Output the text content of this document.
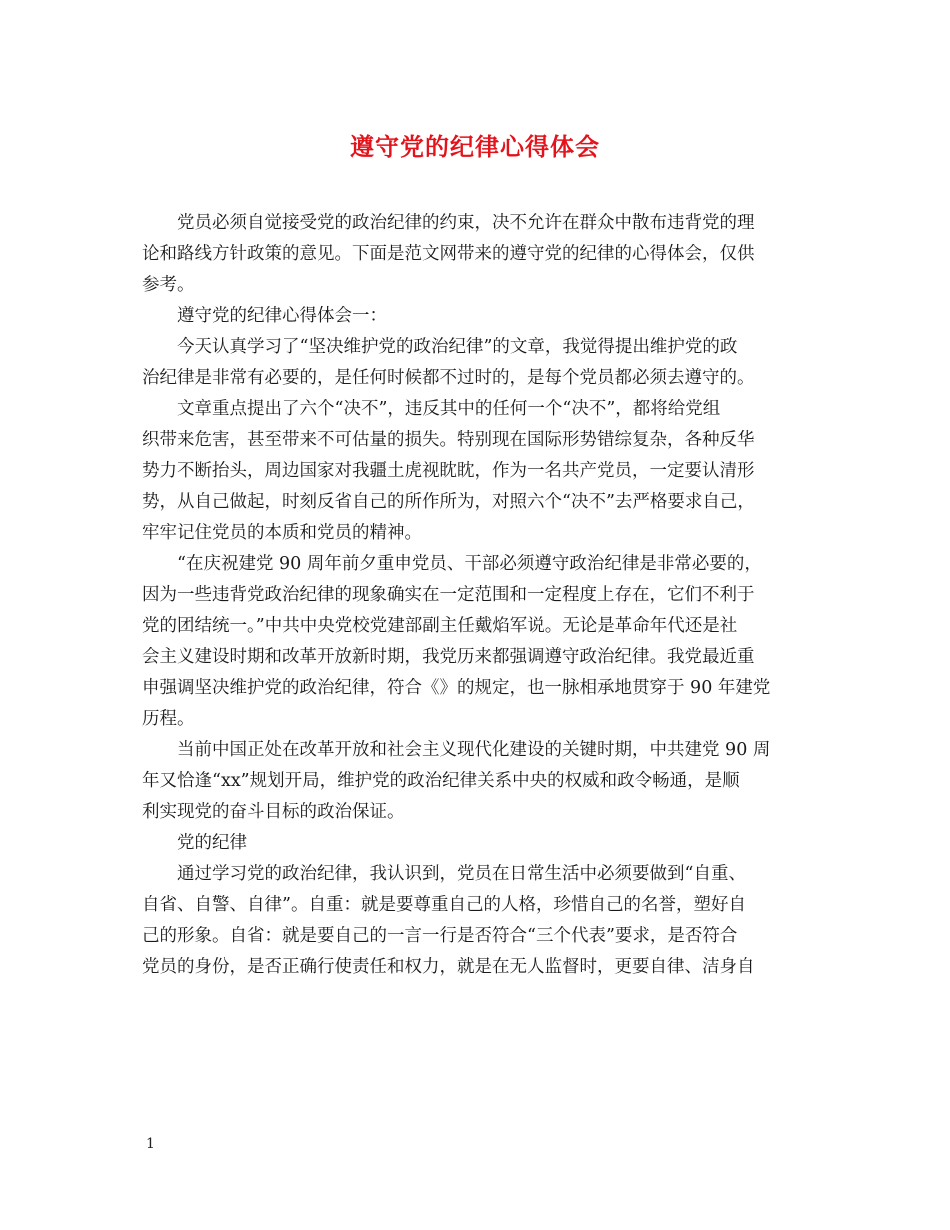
遵守党的纪律心得体会
　　党员必须自觉接受党的政治纪律的约束，决不允许在群众中散布违背党的理
论和路线方针政策的意见。下面是范文网带来的遵守党的纪律的心得体会，仅供
参考。
　　遵守党的纪律心得体会一：
　　今天认真学习了“坚决维护党的政治纪律”的文章，我觉得提出维护党的政
治纪律是非常有必要的，是任何时候都不过时的，是每个党员都必须去遵守的。
　　文章重点提出了六个“决不”，违反其中的任何一个“决不”，都将给党组
织带来危害，甚至带来不可估量的损失。特别现在国际形势错综复杂，各种反华
势力不断抬头，周边国家对我疆土虎视眈眈，作为一名共产党员，一定要认清形
势，从自己做起，时刻反省自己的所作所为，对照六个“决不”去严格要求自己，
牢牢记住党员的本质和党员的精神。
　　“在庆祝建党 90 周年前夕重申党员、干部必须遵守政治纪律是非常必要的，
因为一些违背党政治纪律的现象确实在一定范围和一定程度上存在，它们不利于
党的团结统一。”中共中央党校党建部副主任戴焰军说。无论是革命年代还是社
会主义建设时期和改革开放新时期，我党历来都强调遵守政治纪律。我党最近重
申强调坚决维护党的政治纪律，符合《》的规定，也一脉相承地贯穿于 90 年建党
历程。
　　当前中国正处在改革开放和社会主义现代化建设的关键时期，中共建党 90 周
年又恰逢“xx”规划开局，维护党的政治纪律关系中央的权威和政令畅通，是顺
利实现党的奋斗目标的政治保证。
　　党的纪律
　　通过学习党的政治纪律，我认识到，党员在日常生活中必须要做到“自重、
自省、自警、自律”。自重：就是要尊重自己的人格，珍惜自己的名誉，塑好自
己的形象。自省：就是要自己的一言一行是否符合“三个代表”要求，是否符合
党员的身份，是否正确行使责任和权力，就是在无人监督时，更要自律、洁身自
1
